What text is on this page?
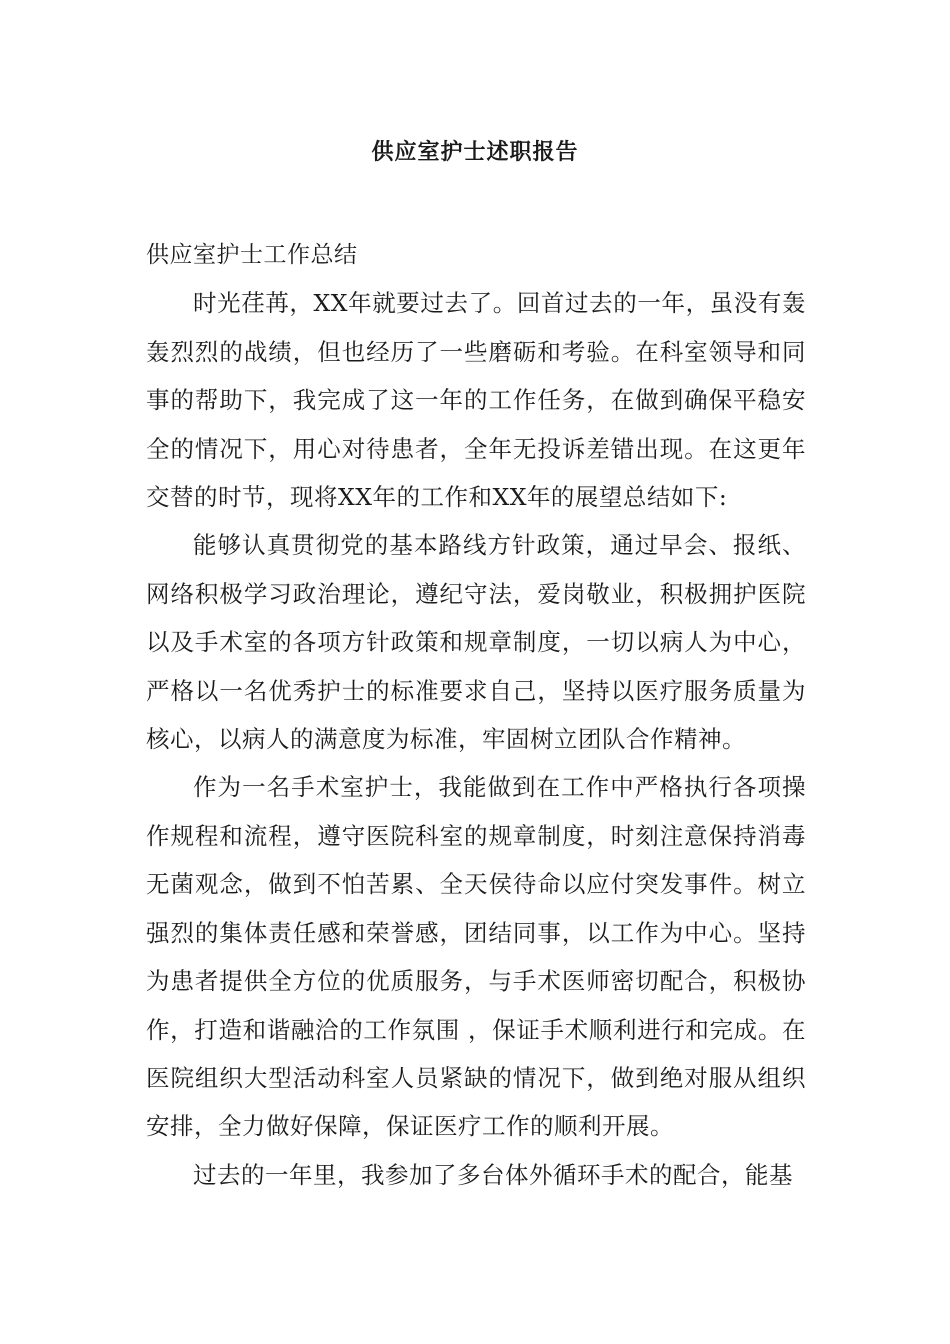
供应室护士述职报告

供应室护士工作总结

时光荏苒，XX年就要过去了。回首过去的一年，虽没有轰轰烈烈的战绩，但也经历了一些磨砺和考验。在科室领导和同事的帮助下，我完成了这一年的工作任务，在做到确保平稳安全的情况下，用心对待患者，全年无投诉差错出现。在这更年交替的时节，现将XX年的工作和XX年的展望总结如下:

能够认真贯彻党的基本路线方针政策，通过早会、报纸、网络积极学习政治理论，遵纪守法，爱岗敬业，积极拥护医院以及手术室的各项方针政策和规章制度，一切以病人为中心，严格以一名优秀护士的标准要求自己，坚持以医疗服务质量为核心，以病人的满意度为标准，牢固树立团队合作精神。

作为一名手术室护士，我能做到在工作中严格执行各项操作规程和流程，遵守医院科室的规章制度，时刻注意保持消毒无菌观念，做到不怕苦累、全天侯待命以应付突发事件。树立强烈的集体责任感和荣誉感，团结同事，以工作为中心。坚持为患者提供全方位的优质服务，与手术医师密切配合，积极协作，打造和谐融洽的工作氛围 ，保证手术顺利进行和完成。在医院组织大型活动科室人员紧缺的情况下，做到绝对服从组织安排，全力做好保障，保证医疗工作的顺利开展。

过去的一年里，我参加了多台体外循环手术的配合，能基
